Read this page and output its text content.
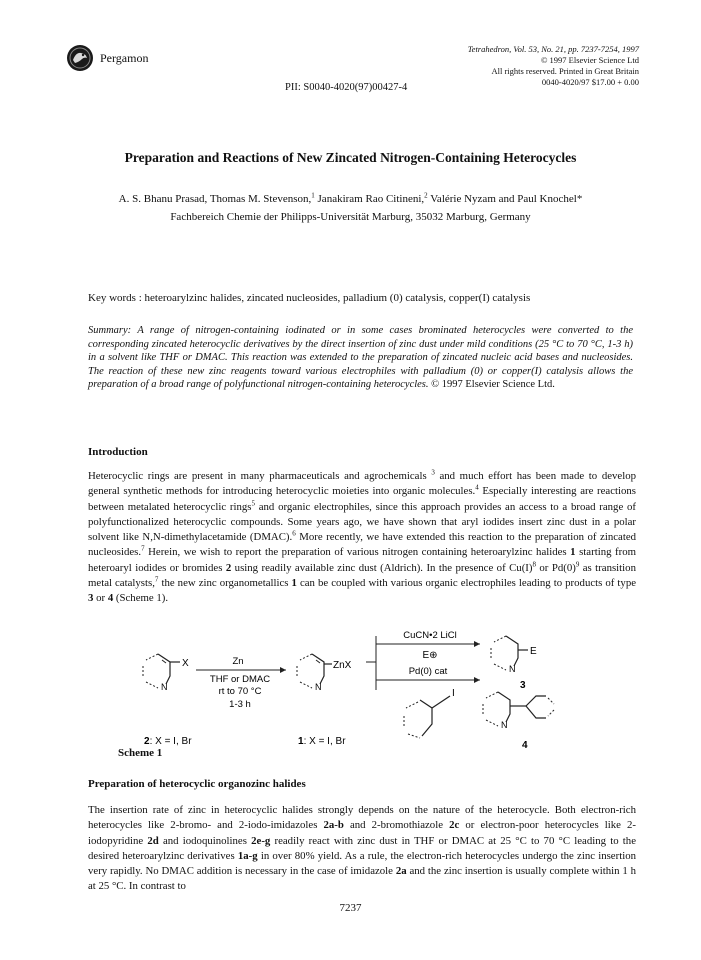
Pergamon
Tetrahedron, Vol. 53, No. 21, pp. 7237-7254, 1997
© 1997 Elsevier Science Ltd
All rights reserved. Printed in Great Britain
0040-4020/97 $17.00 + 0.00
PII: S0040-4020(97)00427-4
Preparation and Reactions of New Zincated Nitrogen-Containing Heterocycles
A. S. Bhanu Prasad, Thomas M. Stevenson,$^1$ Janakiram Rao Citineni,$^2$ Valérie Nyzam and Paul Knochel*
Fachbereich Chemie der Philipps-Universität Marburg, 35032 Marburg, Germany
Key words : heteroarylzinc halides, zincated nucleosides, palladium (0) catalysis, copper(I) catalysis
Summary: A range of nitrogen-containing iodinated or in some cases brominated heterocycles were converted to the corresponding zincated heterocyclic derivatives by the direct insertion of zinc dust under mild conditions (25 °C to 70 °C, 1-3 h) in a solvent like THF or DMAC. This reaction was extended to the preparation of zincated nucleic acid bases and nucleosides. The reaction of these new zinc reagents toward various electrophiles with palladium (0) or copper(I) catalysis allows the preparation of a broad range of polyfunctional nitrogen-containing heterocycles. © 1997 Elsevier Science Ltd.
Introduction
Heterocyclic rings are present in many pharmaceuticals and agrochemicals $^3$ and much effort has been made to develop general synthetic methods for introducing heterocyclic moieties into organic molecules.$^4$ Especially interesting are reactions between metalated heterocyclic rings$^5$ and organic electrophiles, since this approach provides an access to a broad range of polyfunctionalized heterocyclic compounds. Some years ago, we have shown that aryl iodides insert zinc dust in a polar solvent like N,N-dimethylacetamide (DMAC).$^6$ More recently, we have extended this reaction to the preparation of zincated nucleosides.$^7$ Herein, we wish to report the preparation of various nitrogen containing heteroarylzinc halides 1 starting from heteroaryl iodides or bromides 2 using readily available zinc dust (Aldrich). In the presence of $Cu(I)^8$ or $Pd(0)^9$ as transition metal catalysts,$^7$ the new zinc organometallics 1 can be coupled with various organic electrophiles leading to products of type 3 or 4 (Scheme 1).
X
N
Zn
THF or DMAC
rt to 70 °C
1-3 h
ZnX
N
CuCN•2 LiCl
E⊕
Pd(0) cat
I
E
N
3
N
4
2: X = I, Br	1: X = I, Br
Scheme 1
Preparation of heterocyclic organozinc halides
The insertion rate of zinc in heterocyclic halides strongly depends on the nature of the heterocycle. Both electron-rich heterocycles like 2-bromo- and 2-iodo-imidazoles 2a-b and 2-bromothiazole 2c or electron-poor heterocycles like 2-iodopyridine 2d and iodoquinolines 2e-g readily react with zinc dust in THF or DMAC at 25 °C to 70 °C leading to the desired heteroarylzinc derivatives 1a-g in over 80% yield. As a rule, the electron-rich heterocycles undergo the zinc insertion very rapidly. No DMAC addition is necessary in the case of imidazole 2a and the zinc insertion is usually complete within 1 h at 25 °C. In contrast to
7237
